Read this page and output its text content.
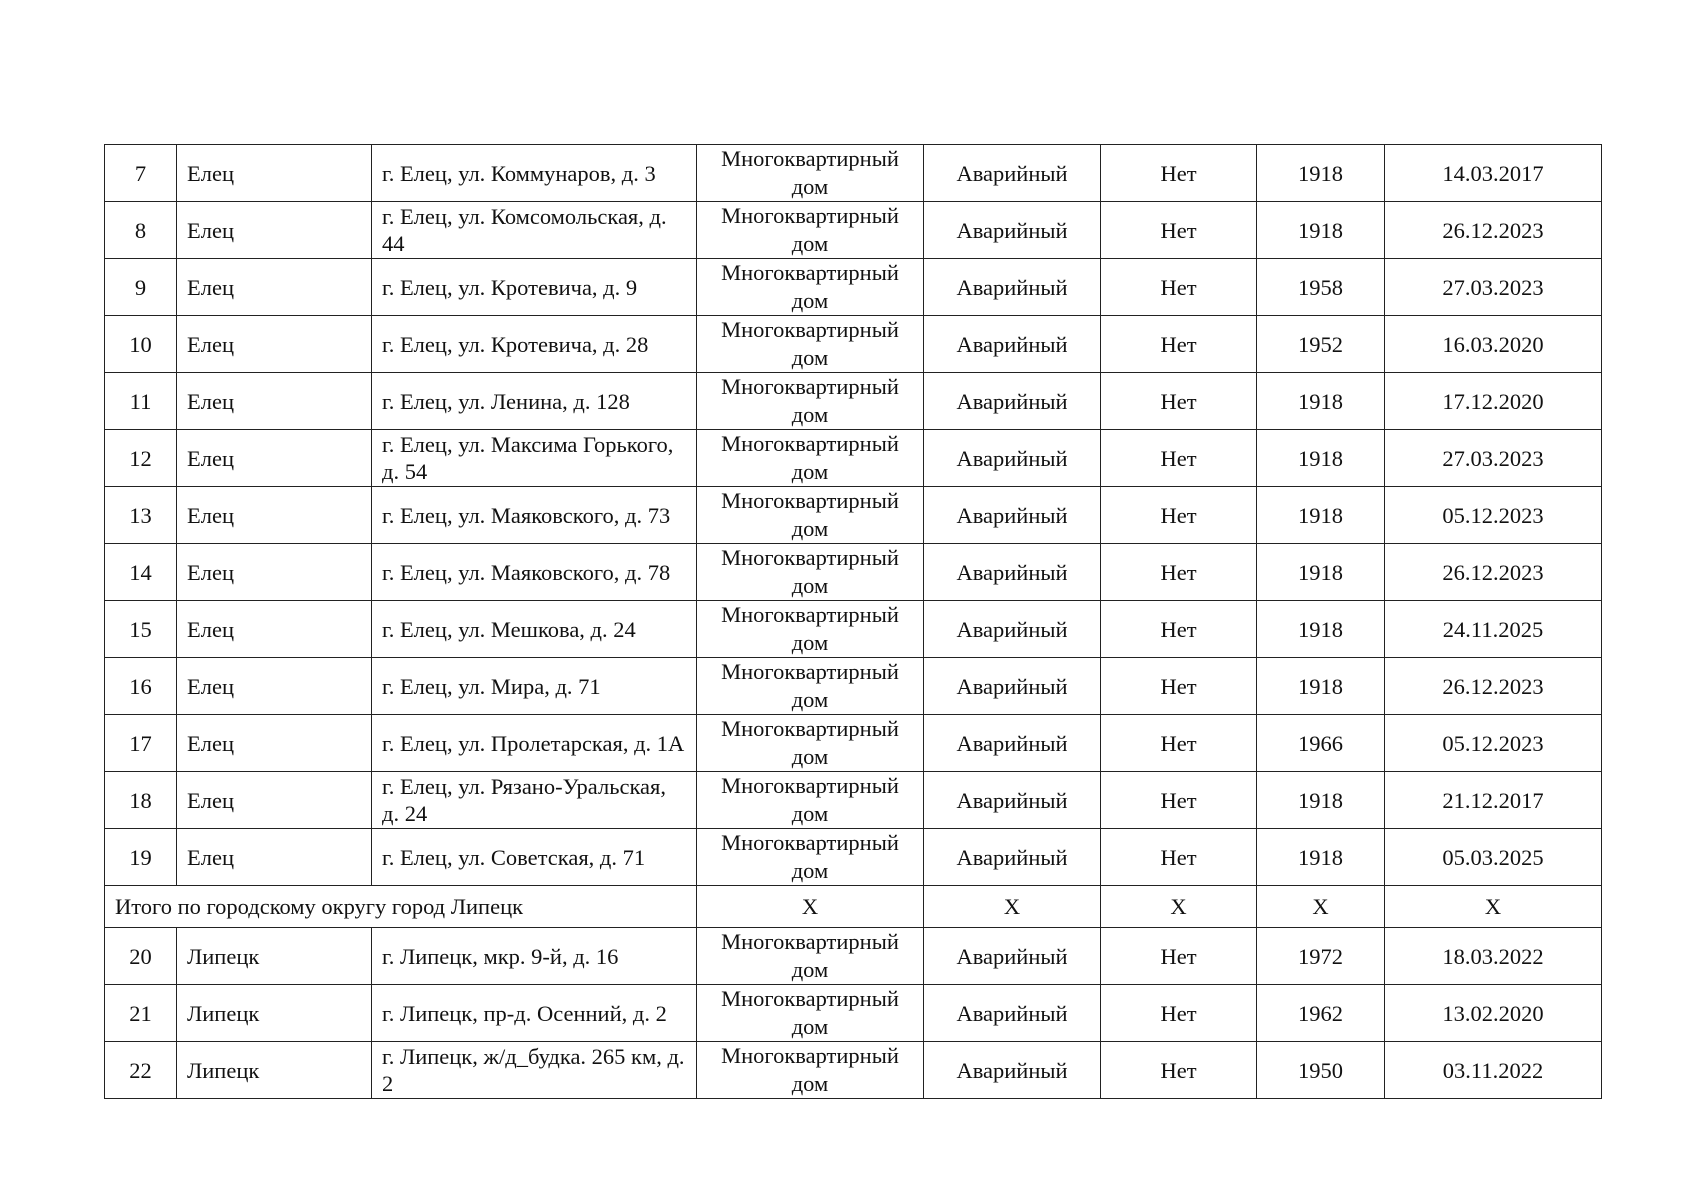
7	Елец	г. Елец, ул. Коммунаров, д. 3	Многоквартирный дом	Аварийный	Нет	1918	14.03.2017
8	Елец	г. Елец, ул. Комсомольская, д. 44	Многоквартирный дом	Аварийный	Нет	1918	26.12.2023
9	Елец	г. Елец, ул. Кротевича, д. 9	Многоквартирный дом	Аварийный	Нет	1958	27.03.2023
10	Елец	г. Елец, ул. Кротевича, д. 28	Многоквартирный дом	Аварийный	Нет	1952	16.03.2020
11	Елец	г. Елец, ул. Ленина, д. 128	Многоквартирный дом	Аварийный	Нет	1918	17.12.2020
12	Елец	г. Елец, ул. Максима Горького, д. 54	Многоквартирный дом	Аварийный	Нет	1918	27.03.2023
13	Елец	г. Елец, ул. Маяковского, д. 73	Многоквартирный дом	Аварийный	Нет	1918	05.12.2023
14	Елец	г. Елец, ул. Маяковского, д. 78	Многоквартирный дом	Аварийный	Нет	1918	26.12.2023
15	Елец	г. Елец, ул. Мешкова, д. 24	Многоквартирный дом	Аварийный	Нет	1918	24.11.2025
16	Елец	г. Елец, ул. Мира, д. 71	Многоквартирный дом	Аварийный	Нет	1918	26.12.2023
17	Елец	г. Елец, ул. Пролетарская, д. 1А	Многоквартирный дом	Аварийный	Нет	1966	05.12.2023
18	Елец	г. Елец, ул. Рязано-Уральская, д. 24	Многоквартирный дом	Аварийный	Нет	1918	21.12.2017
19	Елец	г. Елец, ул. Советская, д. 71	Многоквартирный дом	Аварийный	Нет	1918	05.03.2025
Итого по городскому округу город Липецк			Х	Х	Х	Х	Х
20	Липецк	г. Липецк, мкр. 9-й, д. 16	Многоквартирный дом	Аварийный	Нет	1972	18.03.2022
21	Липецк	г. Липецк, пр-д. Осенний, д. 2	Многоквартирный дом	Аварийный	Нет	1962	13.02.2020
22	Липецк	г. Липецк, ж/д_будка. 265 км, д. 2	Многоквартирный дом	Аварийный	Нет	1950	03.11.2022
